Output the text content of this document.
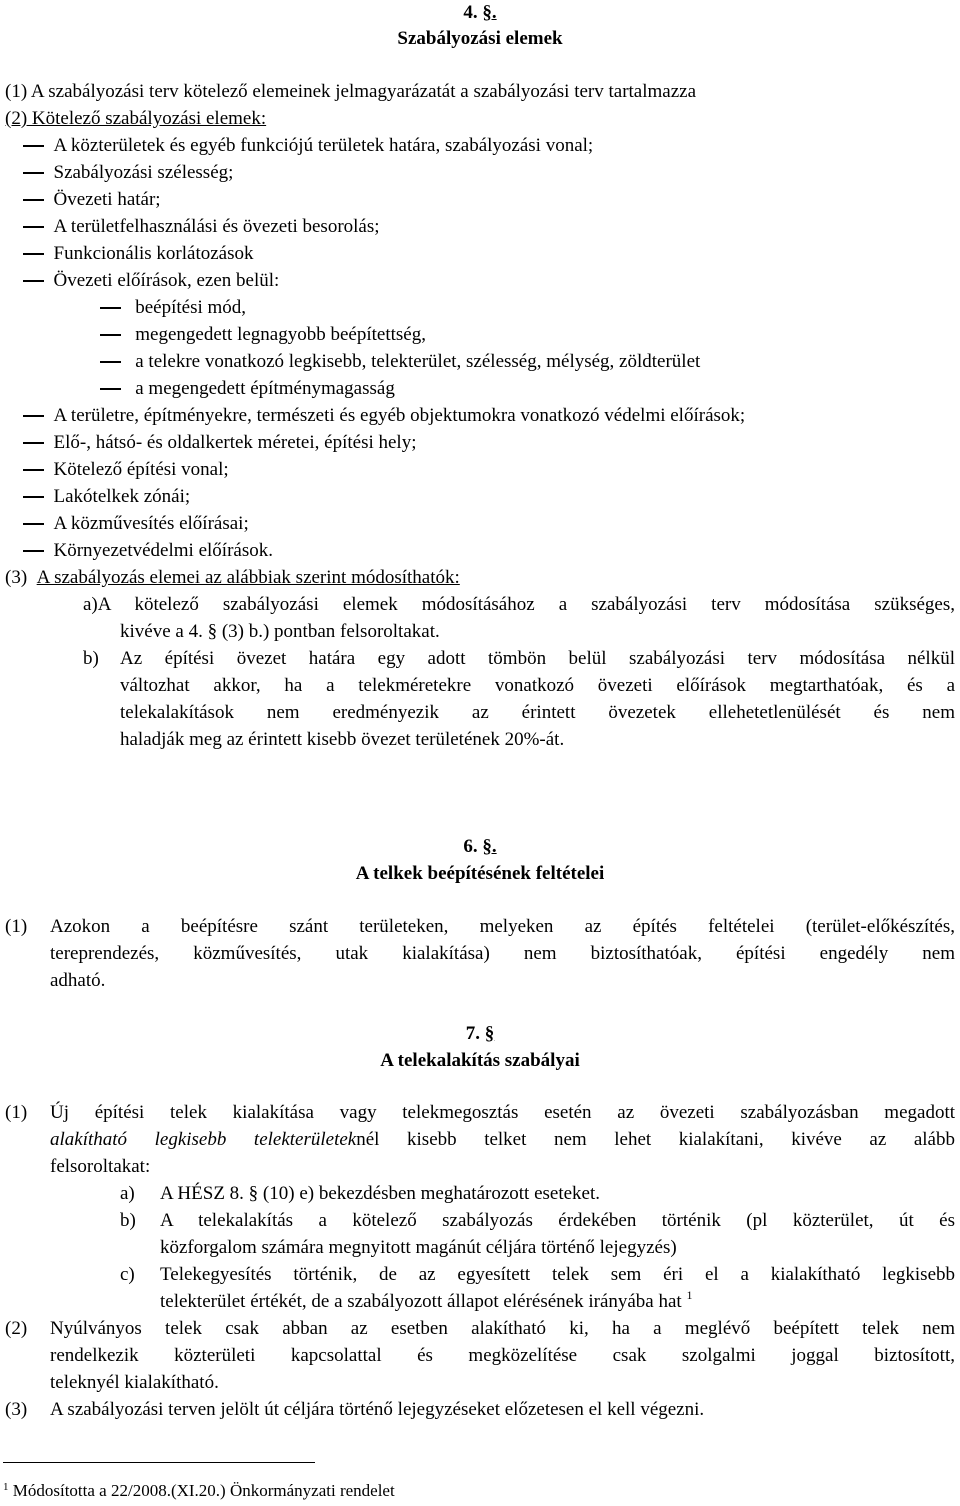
4. §.
Szabályozási elemek
(1) A szabályozási terv kötelező elemeinek jelmagyarázatát a szabályozási terv tartalmazza
(2) Kötelező szabályozási elemek:
A közterületek és egyéb funkciójú területek határa, szabályozási vonal;
Szabályozási szélesség;
Övezeti határ;
A területfelhasználási és övezeti besorolás;
Funkcionális korlátozások
Övezeti előírások, ezen belül:
beépítési mód,
megengedett legnagyobb beépítettség,
a telekre vonatkozó legkisebb, telekterület, szélesség, mélység, zöldterület
a megengedett építménymagasság
A területre, építményekre, természeti és egyéb objektumokra vonatkozó védelmi előírások;
Elő-, hátsó- és oldalkertek méretei, építési hely;
Kötelező építési vonal;
Lakótelkek zónái;
A közművesítés előírásai;
Környezetvédelmi előírások.
(3) A szabályozás elemei az alábbiak szerint módosíthatók:
a)A kötelező szabályozási elemek módosításához a szabályozási terv módosítása szükséges,
kivéve a 4. § (3) b.) pontban felsoroltakat.
b) Az építési övezet határa egy adott tömbön belül szabályozási terv módosítása nélkül
változhat akkor, ha a telekméretekre vonatkozó övezeti előírások megtarthatóak, és a
telekalakítások nem eredményezik az érintett övezetek ellehetetlenülését és nem
haladják meg az érintett kisebb övezet területének 20%-át.
6. §.
A telkek beépítésének feltételei
(1) Azokon a beépítésre szánt területeken, melyeken az építés feltételei (terület-előkészítés,
tereprendezés, közművesítés, utak kialakítása) nem biztosíthatóak, építési engedély nem
adható.
7. §
A telekalakítás szabályai
(1) Új építési telek kialakítása vagy telekmegosztás esetén az övezeti szabályozásban megadott
alakítható legkisebb telekterületeknél kisebb telket nem lehet kialakítani, kivéve az alább
felsoroltakat:
a) A HÉSZ 8. § (10) e) bekezdésben meghatározott eseteket.
b) A telekalakítás a kötelező szabályozás érdekében történik (pl közterület, út és
közforgalom számára megnyitott magánút céljára történő lejegyzés)
c) Telekegyesítés történik, de az egyesített telek sem éri el a kialakítható legkisebb
telekterület értékét, de a szabályozott állapot elérésének irányába hat $^1$
(2) Nyúlványos telek csak abban az esetben alakítható ki, ha a meglévő beépített telek nem
rendelkezik közterületi kapcsolattal és megközelítése csak szolgalmi joggal biztosított,
teleknyél kialakítható.
(3) A szabályozási terven jelölt út céljára történő lejegyzéseket előzetesen el kell végezni.
$^1$ Módosította a 22/2008.(XI.20.) Önkormányzati rendelet
